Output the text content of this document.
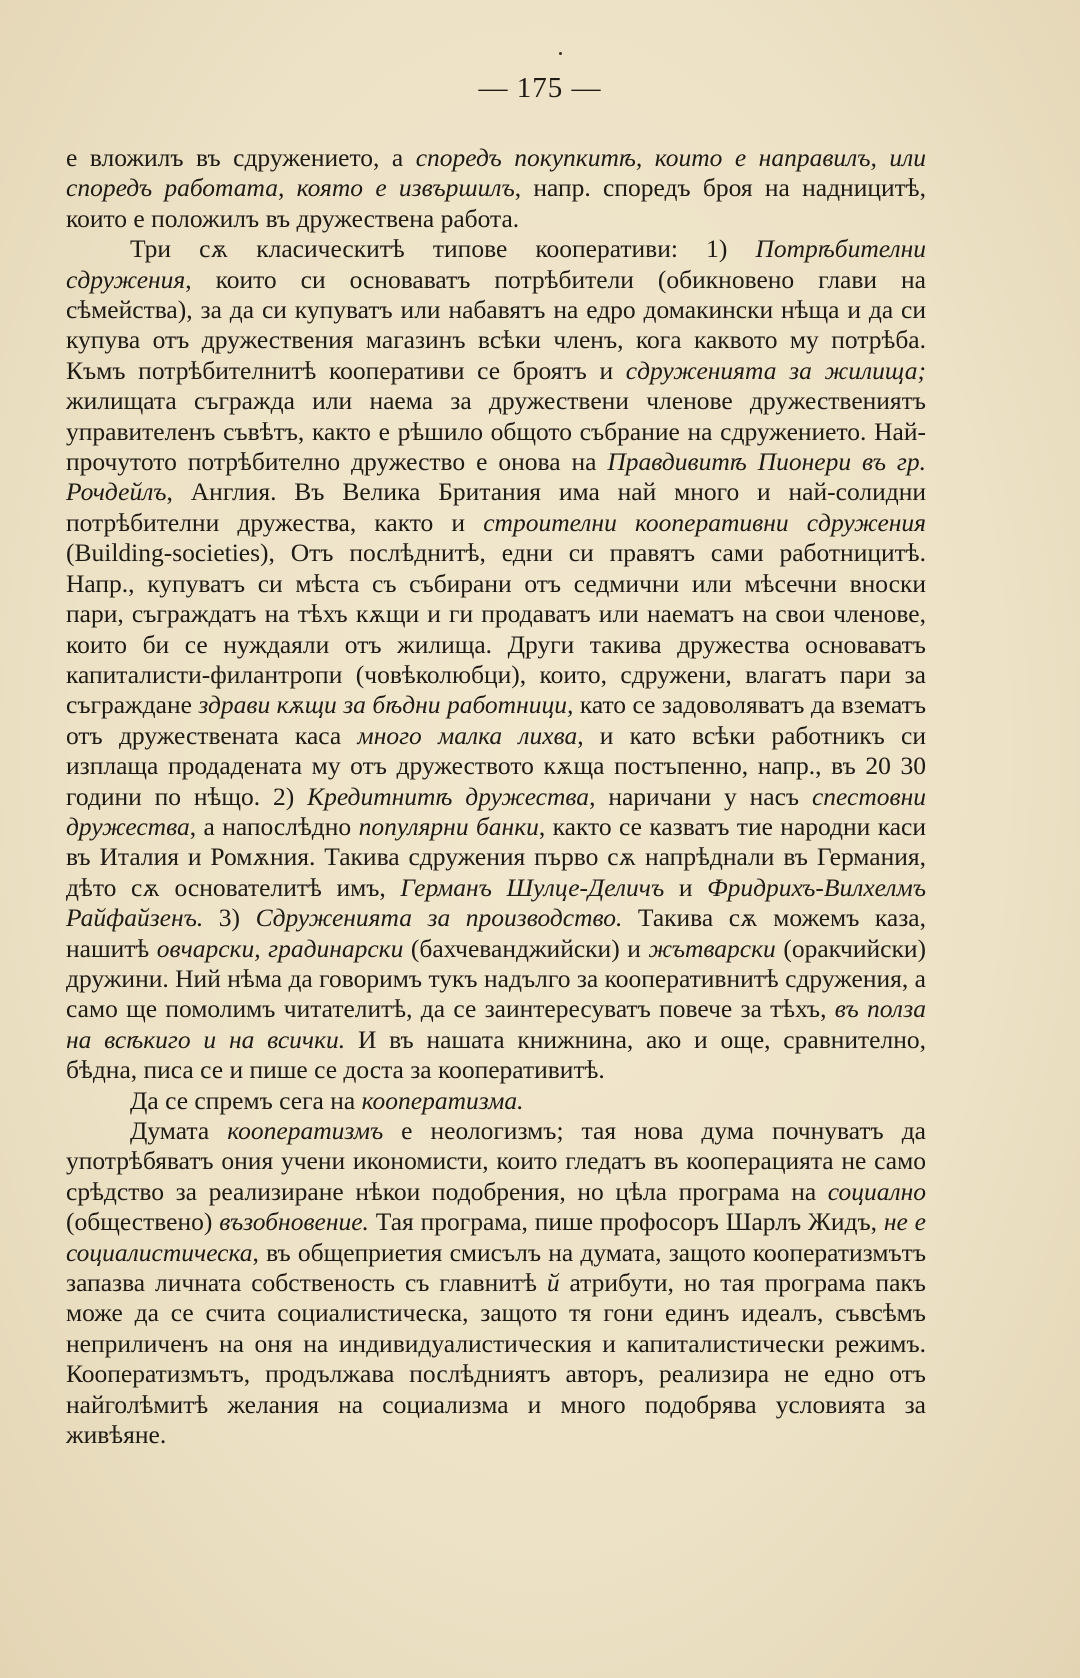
— 175 —

е вложилъ въ сдружението, а споредъ покупкитѣ, които е направилъ, или споредъ работата, която е извършилъ, напр. споредъ броя на надницитѣ, които е положилъ въ дружествена работа.

Три сѫ класическитѣ типове кооперативи: 1) Потрѣбителни сдружения, които си основаватъ потрѣбители (обикновено глави на сѣмейства), за да си купуватъ или набавятъ на едро домакински нѣща и да си купува отъ дружествения магазинъ всѣки членъ, кога каквото му потрѣба. Къмъ потрѣбителнитѣ кооперативи се броятъ и сдруженията за жилища; жилищата съгражда или наема за дружествени членове дружествениятъ управителенъ съвѣтъ, както е рѣшило общото събрание на сдружението. Най-прочутото потрѣбително дружество е онова на Правдивитѣ Пионери въ гр. Рочдейлъ, Англия. Въ Велика Британия има най много и най-солидни потрѣбителни дружества, както и строителни кооперативни сдружения (Building-societies), Отъ послѣднитѣ, едни си правятъ сами работницитѣ. Напр., купуватъ си мѣста съ събирани отъ седмични или мѣсечни вноски пари, съграждатъ на тѣхъ кѫщи и ги продаватъ или наематъ на свои членове, които би се нуждаяли отъ жилища. Други такива дружества основаватъ капиталисти-филантропи (човѣколюбци), които, сдружени, влагатъ пари за съграждане здрави кѫщи за бѣдни работници, като се задоволяватъ да взематъ отъ дружествената каса много малка лихва, и като всѣки работникъ си изплаща продадената му отъ дружеството кѫща постъпенно, напр., въ 20 30 години по нѣщо. 2) Кредитнитѣ дружества, наричани у насъ спестовни дружества, а напослѣдно популярни банки, както се казватъ тие народни каси въ Италия и Ромѫния. Такива сдружения първо сѫ напрѣднали въ Германия, дѣто сѫ основателитѣ имъ, Германъ Шулце-Деличъ и Фридрихъ-Вилхелмъ Райфайзенъ. 3) Сдруженията за производство. Такива сѫ можемъ каза, нашитѣ овчарски, градинарски (бахчеванджийски) и жътварски (оракчийски) дружини. Ний нѣма да говоримъ тукъ надълго за кооперативнитѣ сдружения, а само ще помолимъ читателитѣ, да се заинтересуватъ повече за тѣхъ, въ полза на всѣкиго и на всички. И въ нашата книжнина, ако и още, сравнително, бѣдна, писа се и пише се доста за кооперативитѣ.

Да се спремъ сега на кооператизма.

Думата кооператизмъ е неологизмъ; тая нова дума почнуватъ да употрѣбяватъ ония учени икономисти, които гледатъ въ кооперацията не само срѣдство за реализиране нѣкои подобрения, но цѣла програма на социално (обществено) възобновение. Тая програма, пише профосоръ Шарлъ Жидъ, не е социалистическа, въ общеприетия смисълъ на думата, защото кооператизмътъ запазва личната собственость съ главнитѣ й атрибути, но тая програма пакъ може да се счита социалистическа, защото тя гони единъ идеалъ, съвсѣмъ неприличенъ на оня на индивидуалистическия и капиталистически режимъ. Кооператизмътъ, продължава послѣдниятъ авторъ, реализира не едно отъ найголѣмитѣ желания на социализма и много подобрява условията за живѣяне.
